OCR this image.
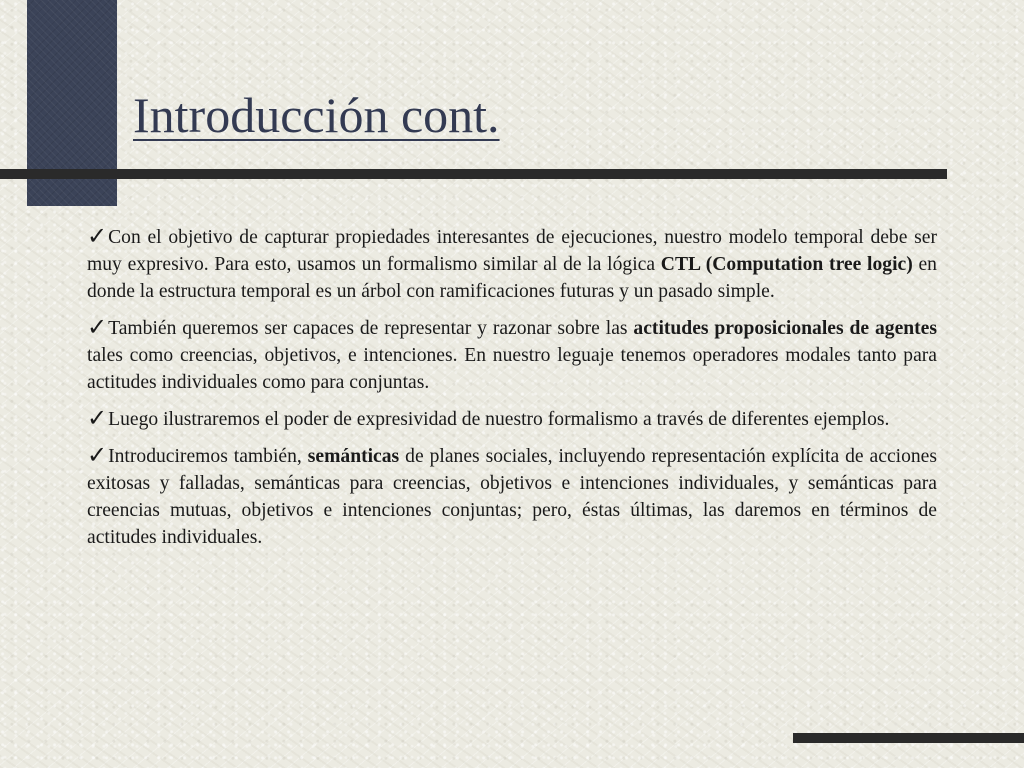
Introducción cont.

✓Con el objetivo de capturar propiedades interesantes de ejecuciones, nuestro modelo temporal debe ser muy expresivo. Para esto, usamos un formalismo similar al de la lógica CTL (Computation tree logic) en donde la estructura temporal es un árbol con ramificaciones futuras y un pasado simple.

✓También queremos ser capaces de representar y razonar sobre las actitudes proposicionales de agentes tales como creencias, objetivos, e intenciones. En nuestro leguaje tenemos operadores modales tanto para actitudes individuales como para conjuntas.

✓Luego ilustraremos el poder de expresividad de nuestro formalismo a través de diferentes ejemplos.

✓Introduciremos también, semánticas de planes sociales, incluyendo representación explícita de acciones exitosas y falladas, semánticas para creencias, objetivos e intenciones individuales, y semánticas para creencias mutuas, objetivos e intenciones conjuntas; pero, éstas últimas, las daremos en términos de actitudes individuales.
